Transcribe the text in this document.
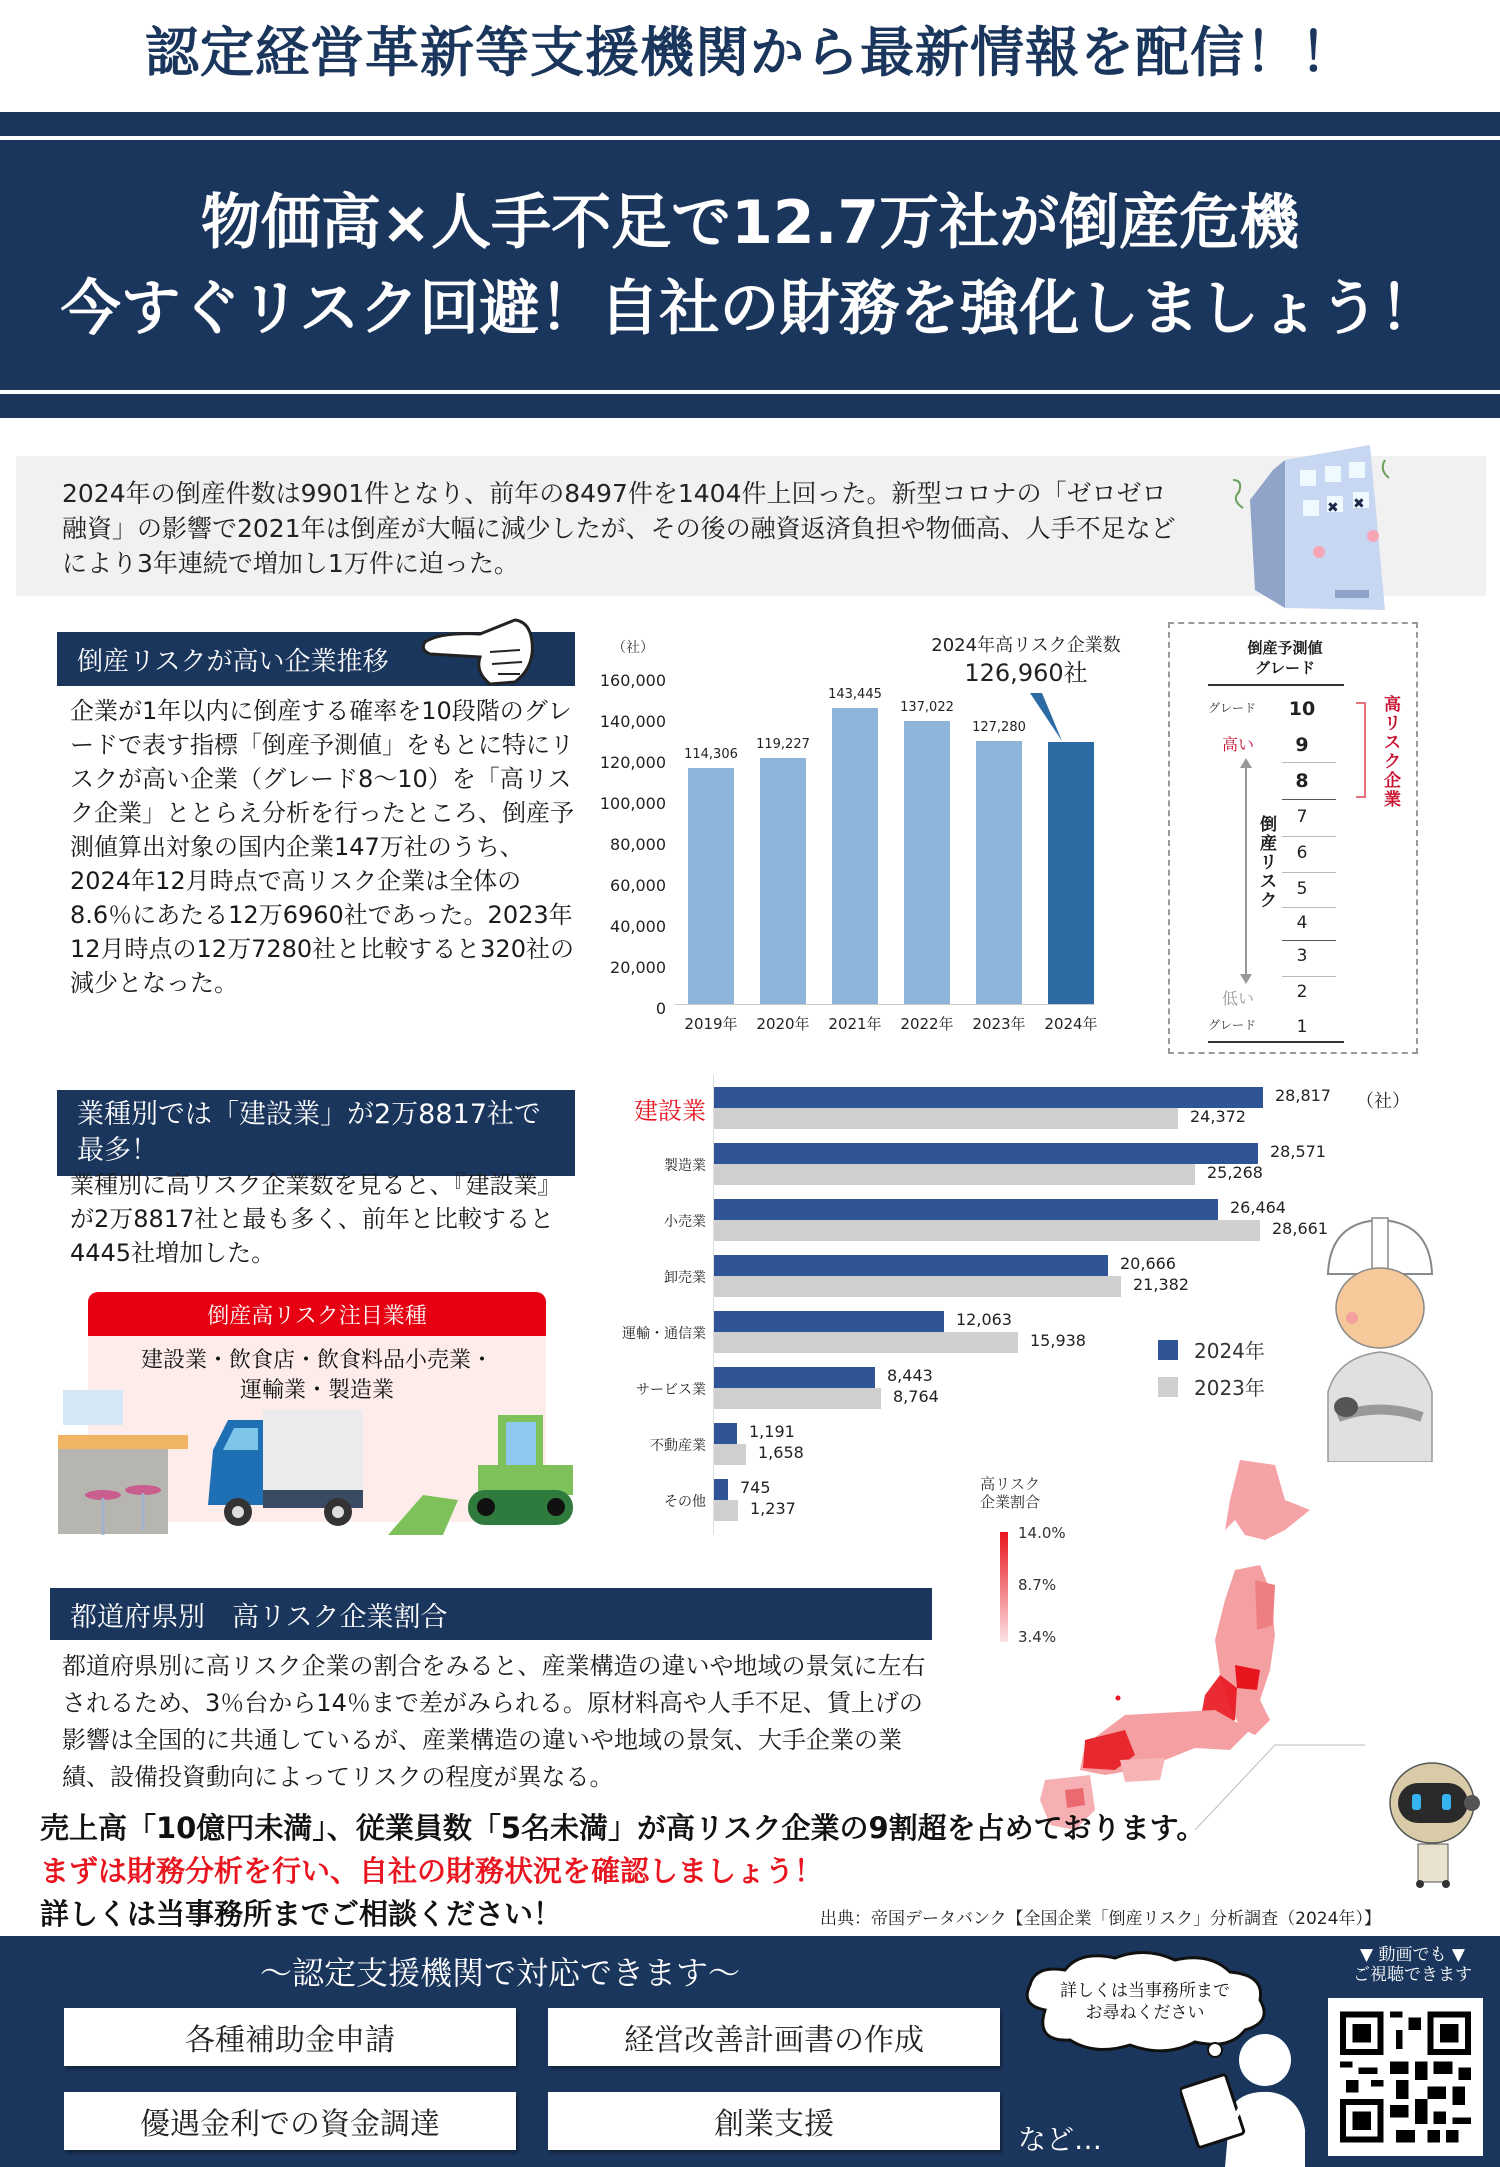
認定経営革新等支援機関から最新情報を配信！！
物価高×人手不足で12.7万社が倒産危機
今すぐリスク回避！自社の財務を強化しましょう！
2024年の倒産件数は9901件となり、前年の8497件を1404件上回った。新型コロナの「ゼロゼロ融資」の影響で2021年は倒産が大幅に減少したが、その後の融資返済負担や物価高、人手不足などにより3年連続で増加し1万件に迫った。
✖ ✖
倒産リスクが高い企業推移
企業が1年以内に倒産する確率を10段階のグレードで表す指標「倒産予測値」をもとに特にリスクが高い企業（グレード8～10）を「高リスク企業」ととらえ分析を行ったところ、倒産予測値算出対象の国内企業147万社のうち、2024年12月時点で高リスク企業は全体の8.6％にあたる12万6960社であった。2023年12月時点の12万7280社と比較すると320社の減少となった。
（社）
160,000
140,000
120,000
100,000
80,000
60,000
40,000
20,000
0
2024年高リスク企業数
126,960社
114,306
2019年
119,227
2020年
143,445
2021年
137,022
2022年
127,280
2023年	2024年
倒産予測値
グレード
グレード
高い
倒産リスク
低い
グレード
高リスク企業
10
9
8
7
6
5
4
3
2
1
業種別では「建設業」が2万8817社で最多！
業種別に高リスク企業数を見ると、『建設業』が2万8817社と最も多く、前年と比較すると4445社増加した。
倒産高リスク注目業種
建設業・飲食店・飲食料品小売業・
運輸業・製造業
（社）
2024年
2023年
建設業
28,817
24,372
製造業
28,571
25,268
小売業
26,464
28,661
卸売業
20,666
21,382
運輸・通信業
12,063
15,938
サービス業
8,443
8,764
不動産業
1,191
1,658
その他
745
1,237
都道府県別　高リスク企業割合
都道府県別に高リスク企業の割合をみると、産業構造の違いや地域の景気に左右されるため、3％台から14％まで差がみられる。原材料高や人手不足、賃上げの影響は全国的に共通しているが、産業構造の違いや地域の景気、大手企業の業績、設備投資動向によってリスクの程度が異なる。
高リスク
企業割合
14.0%
8.7%
3.4%
売上高「10億円未満」、従業員数「5名未満」が高リスク企業の9割超を占めております。
まずは財務分析を行い、自社の財務状況を確認しましょう！
詳しくは当事務所までご相談ください！	出典：帝国データバンク【全国企業「倒産リスク」分析調査（2024年）】
～認定支援機関で対応できます～
各種補助金申請	経営改善計画書の作成
優遇金利での資金調達	創業支援	など…
詳しくは当事務所まで
お尋ねください
▼ 動画でも ▼
ご視聴できます
